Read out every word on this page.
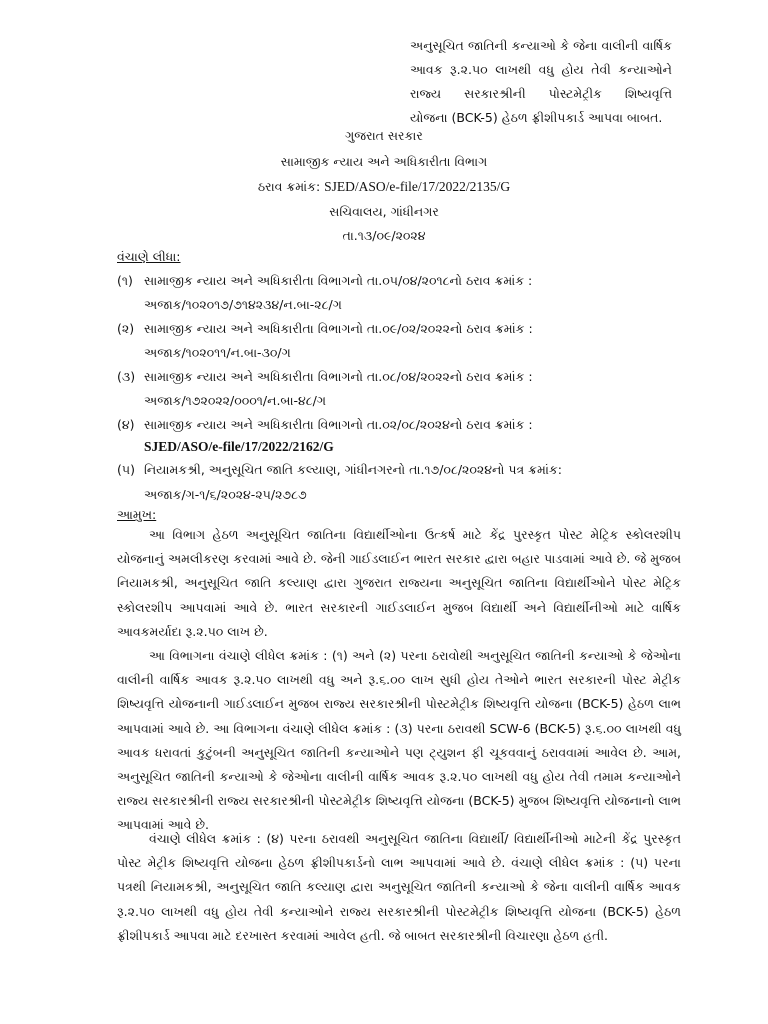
અનુસૂચિત જાતિની કન્યાઓ કે જેના વાલીની વાર્ષિક
આવક રૂ.૨.૫૦ લાખથી વધુ હોય તેવી કન્યાઓને
રાજ્ય સરકારશ્રીની પોસ્ટમેટ્રીક શિષ્યવૃત્તિ
યોજના (BCK-5) હેઠળ ફ્રીશીપકાર્ડ આપવા બાબત.
ગુજરાત સરકાર
સામાજીક ન્યાય અને અધિકારીતા વિભાગ
ઠરાવ ક્રમાંક: SJED/ASO/e-file/17/2022/2135/G
સચિવાલય, ગાંધીનગર
તા.૧૩/૦૯/૨૦૨૪
વંચાણે લીધા:
(૧) સામાજીક ન્યાય અને અધિકારીતા વિભાગનો તા.૦૫/૦૪/૨૦૧૮નો ઠરાવ ક્રમાંક :
અજાક/૧૦૨૦૧૭/૭૧૪૨૩૪/ન.બા-૨૮/ગ
(૨) સામાજીક ન્યાય અને અધિકારીતા વિભાગનો તા.૦૯/૦૨/૨૦૨૨નો ઠરાવ ક્રમાંક :
અજાક/૧૦૨૦૧૧/ન.બા-૩૦/ગ
(૩) સામાજીક ન્યાય અને અધિકારીતા વિભાગનો તા.૦૮/૦૪/૨૦૨૨નો ઠરાવ ક્રમાંક :
અજાક/૧૭૨૦૨૨/૦૦૦૧/ન.બા-૪૮/ગ
(૪) સામાજીક ન્યાય અને અધિકારીતા વિભાગનો તા.૦૨/૦૮/૨૦૨૪નો ઠરાવ ક્રમાંક :
SJED/ASO/e-file/17/2022/2162/G
(૫) નિયામકશ્રી, અનુસૂચિત જાતિ કલ્યાણ, ગાંધીનગરનો તા.૧૭/૦૮/૨૦૨૪નો પત્ર ક્રમાંક:
અજાક/ગ-૧/૬/૨૦૨૪-૨૫/૨૭૮૭
આમુખ:
આ વિભાગ હેઠળ અનુસૂચિત જાતિના વિદ્યાર્થીઓના ઉત્કર્ષ માટે કેંદ્ર પુરસ્કૃત પોસ્ટ મેટ્રિક સ્કોલરશીપ યોજનાનું અમલીકરણ કરવામાં આવે છે. જેની ગાઈડલાઈન ભારત સરકાર દ્વારા બહાર પાડવામાં આવે છે. જે મુજબ નિયામકશ્રી, અનુસૂચિત જાતિ કલ્યાણ દ્વારા ગુજરાત રાજ્યના અનુસૂચિત જાતિના વિદ્યાર્થીઓને પોસ્ટ મેટ્રિક સ્કોલરશીપ આપવામાં આવે છે. ભારત સરકારની ગાઈડલાઈન મુજબ વિદ્યાર્થી અને વિદ્યાર્થીનીઓ માટે વાર્ષિક આવકમર્યાદા રૂ.૨.૫૦ લાખ છે.
આ વિભાગના વંચાણે લીધેલ ક્રમાંક : (૧) અને (૨) પરના ઠરાવોથી અનુસૂચિત જાતિની કન્યાઓ કે જેઓના વાલીની વાર્ષિક આવક રૂ.૨.૫૦ લાખથી વધુ અને રૂ.૬.૦૦ લાખ સુધી હોય તેઓને ભારત સરકારની પોસ્ટ મેટ્રીક શિષ્યવૃત્તિ યોજનાની ગાઈડલાઈન મુજબ રાજ્ય સરકારશ્રીની પોસ્ટમેટ્રીક શિષ્યવૃત્તિ યોજના (BCK-5) હેઠળ લાભ આપવામાં આવે છે. આ વિભાગના વંચાણે લીધેલ ક્રમાંક : (૩) પરના ઠરાવથી SCW-6 (BCK-5) રૂ.૬.૦૦ લાખથી વધુ આવક ધરાવતાં કુટુંબની અનુસૂચિત જાતિની કન્યાઓને પણ ટ્યુશન ફી ચૂકવવાનું ઠરાવવામાં આવેલ છે. આમ, અનુસૂચિત જાતિની કન્યાઓ કે જેઓના વાલીની વાર્ષિક આવક રૂ.૨.૫૦ લાખથી વધુ હોય તેવી તમામ કન્યાઓને રાજ્ય સરકારશ્રીની રાજ્ય સરકારશ્રીની પોસ્ટમેટ્રીક શિષ્યવૃત્તિ યોજના (BCK-5) મુજબ શિષ્યવૃત્તિ યોજનાનો લાભ આપવામાં આવે છે.
વંચાણે લીધેલ ક્રમાંક : (૪) પરના ઠરાવથી અનુસૂચિત જાતિના વિદ્યાર્થી/ વિદ્યાર્થીનીઓ માટેની કેંદ્ર પુરસ્કૃત પોસ્ટ મેટ્રીક શિષ્યવૃત્તિ યોજના હેઠળ ફ્રીશીપકાર્ડનો લાભ આપવામાં આવે છે. વંચાણે લીધેલ ક્રમાંક : (૫) પરના પત્રથી નિયામકશ્રી, અનુસૂચિત જાતિ કલ્યાણ દ્વારા અનુસૂચિત જાતિની કન્યાઓ કે જેના વાલીની વાર્ષિક આવક રૂ.૨.૫૦ લાખથી વધુ હોય તેવી કન્યાઓને રાજ્ય સરકારશ્રીની પોસ્ટમેટ્રીક શિષ્યવૃત્તિ યોજના (BCK-5) હેઠળ ફ્રીશીપકાર્ડ આપવા માટે દરખાસ્ત કરવામાં આવેલ હતી. જે બાબત સરકારશ્રીની વિચારણા હેઠળ હતી.
